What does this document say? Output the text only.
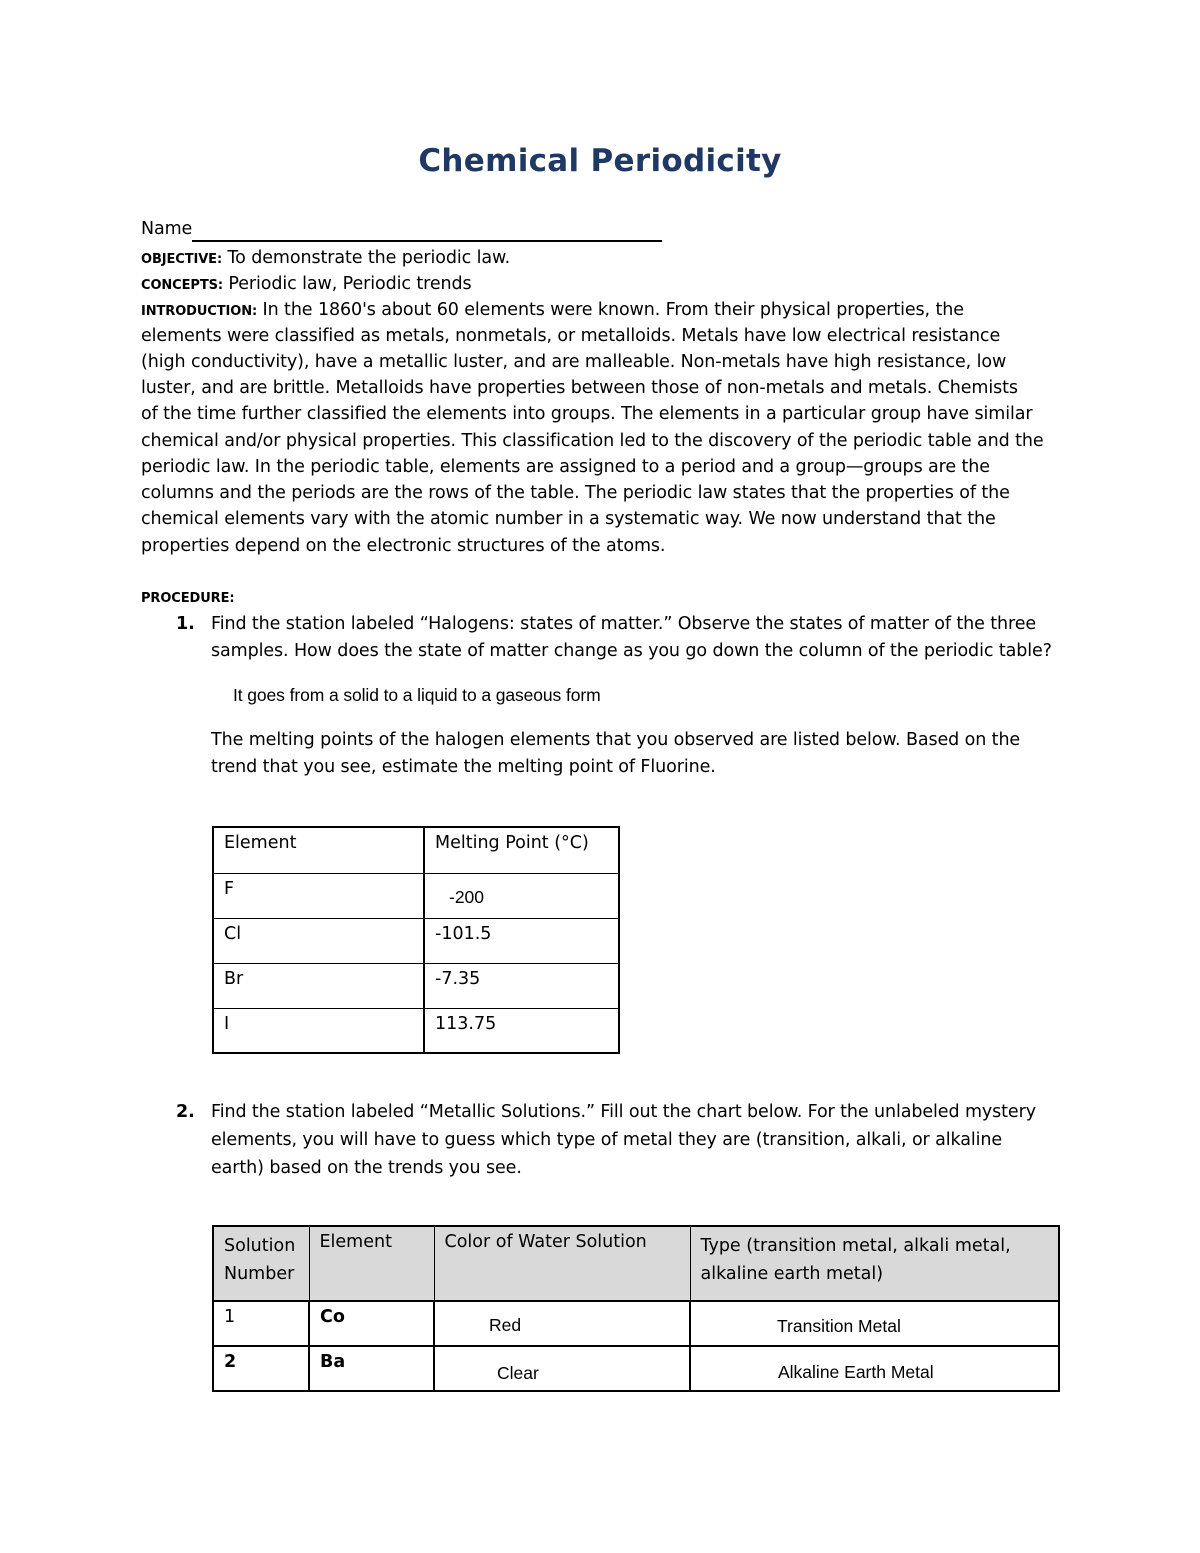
Chemical Periodicity
Name
OBJECTIVE: To demonstrate the periodic law.
CONCEPTS: Periodic law, Periodic trends
INTRODUCTION: In the 1860's about 60 elements were known. From their physical properties, the
elements were classified as metals, nonmetals, or metalloids. Metals have low electrical resistance
(high conductivity), have a metallic luster, and are malleable. Non-metals have high resistance, low
luster, and are brittle. Metalloids have properties between those of non-metals and metals. Chemists
of the time further classified the elements into groups. The elements in a particular group have similar
chemical and/or physical properties. This classification led to the discovery of the periodic table and the
periodic law. In the periodic table, elements are assigned to a period and a group—groups are the
columns and the periods are the rows of the table. The periodic law states that the properties of the
chemical elements vary with the atomic number in a systematic way. We now understand that the
properties depend on the electronic structures of the atoms.
PROCEDURE:
1. Find the station labeled “Halogens: states of matter.” Observe the states of matter of the three
samples. How does the state of matter change as you go down the column of the periodic table?
It goes from a solid to a liquid to a gaseous form
The melting points of the halogen elements that you observed are listed below. Based on the
trend that you see, estimate the melting point of Fluorine.
Element	Melting Point (°C)
F	-200
Cl	-101.5
Br	-7.35
I	113.75
2. Find the station labeled “Metallic Solutions.” Fill out the chart below. For the unlabeled mystery
elements, you will have to guess which type of metal they are (transition, alkali, or alkaline
earth) based on the trends you see.
Solution
Number	Element	Color of Water Solution	Type (transition metal, alkali metal,
alkaline earth metal)
1	Co	Red	Transition Metal
2	Ba	Clear	Alkaline Earth Metal
